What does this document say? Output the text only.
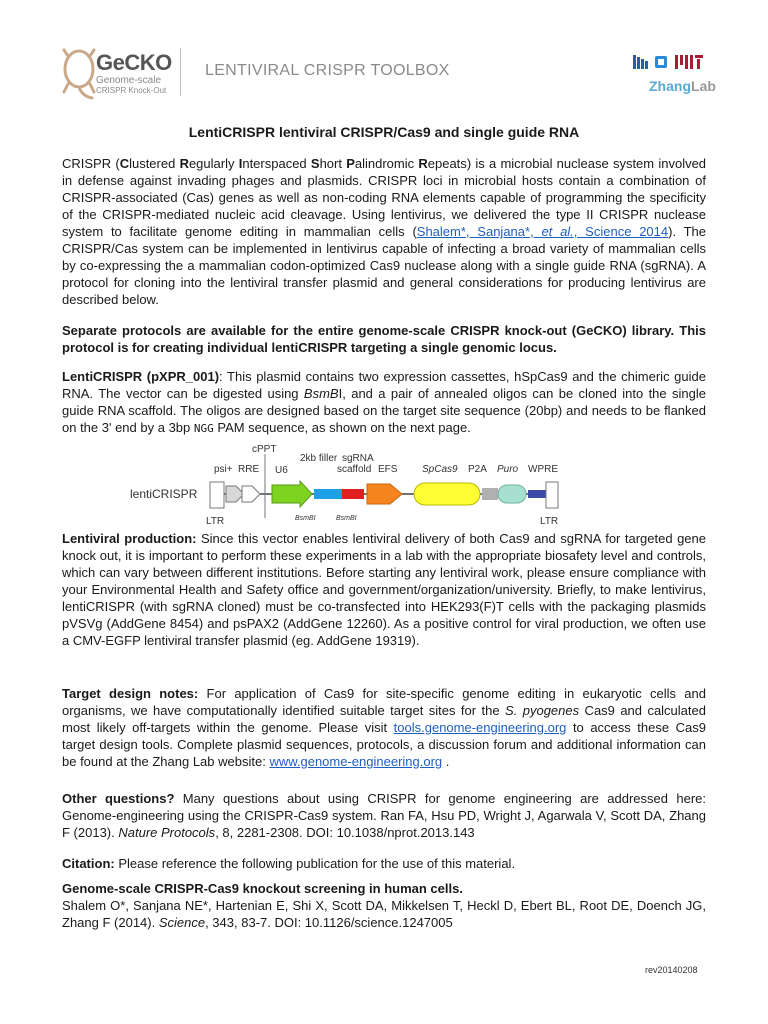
GeCKO
Genome-scale
CRISPR Knock-Out
LENTIVIRAL CRISPR TOOLBOX
ZhangLab
LentiCRISPR lentiviral CRISPR/Cas9 and single guide RNA

CRISPR (Clustered Regularly Interspaced Short Palindromic Repeats) is a microbial nuclease system involved in defense against invading phages and plasmids. CRISPR loci in microbial hosts contain a combination of CRISPR-associated (Cas) genes as well as non-coding RNA elements capable of programming the specificity of the CRISPR-mediated nucleic acid cleavage. Using lentivirus, we delivered the type II CRISPR nuclease system to facilitate genome editing in mammalian cells (Shalem*, Sanjana*, et al., Science 2014). The CRISPR/Cas system can be implemented in lentivirus capable of infecting a broad variety of mammalian cells by co-expressing the a mammalian codon-optimized Cas9 nuclease along with a single guide RNA (sgRNA). A protocol for cloning into the lentiviral transfer plasmid and general considerations for producing lentivirus are described below.

Separate protocols are available for the entire genome-scale CRISPR knock-out (GeCKO) library. This protocol is for creating individual lentiCRISPR targeting a single genomic locus.

LentiCRISPR (pXPR_001): This plasmid contains two expression cassettes, hSpCas9 and the chimeric guide RNA. The vector can be digested using BsmBI, and a pair of annealed oligos can be cloned into the single guide RNA scaffold. The oligos are designed based on the target site sequence (20bp) and needs to be flanked on the 3' end by a 3bp NGG PAM sequence, as shown on the next page.

lentiCRISPR
cPPT
psi+ RRE U6
2kb filler sgRNA
scaffold EFS SpCas9 P2A Puro WPRE
LTR	BsmBI	BsmBI	LTR

Lentiviral production: Since this vector enables lentiviral delivery of both Cas9 and sgRNA for targeted gene knock out, it is important to perform these experiments in a lab with the appropriate biosafety level and controls, which can vary between different institutions. Before starting any lentiviral work, please ensure compliance with your Environmental Health and Safety office and government/organization/university. Briefly, to make lentivirus, lentiCRISPR (with sgRNA cloned) must be co-transfected into HEK293(F)T cells with the packaging plasmids pVSVg (AddGene 8454) and psPAX2 (AddGene 12260). As a positive control for viral production, we often use a CMV-EGFP lentiviral transfer plasmid (eg. AddGene 19319).

Target design notes: For application of Cas9 for site-specific genome editing in eukaryotic cells and organisms, we have computationally identified suitable target sites for the S. pyogenes Cas9 and calculated most likely off-targets within the genome. Please visit tools.genome-engineering.org to access these Cas9 target design tools. Complete plasmid sequences, protocols, a discussion forum and additional information can be found at the Zhang Lab website: www.genome-engineering.org .

Other questions? Many questions about using CRISPR for genome engineering are addressed here: Genome-engineering using the CRISPR-Cas9 system. Ran FA, Hsu PD, Wright J, Agarwala V, Scott DA, Zhang F (2013). Nature Protocols, 8, 2281-2308. DOI: 10.1038/nprot.2013.143

Citation: Please reference the following publication for the use of this material.

Genome-scale CRISPR-Cas9 knockout screening in human cells.
Shalem O*, Sanjana NE*, Hartenian E, Shi X, Scott DA, Mikkelsen T, Heckl D, Ebert BL, Root DE, Doench JG, Zhang F (2014). Science, 343, 83-7. DOI: 10.1126/science.1247005

rev20140208
